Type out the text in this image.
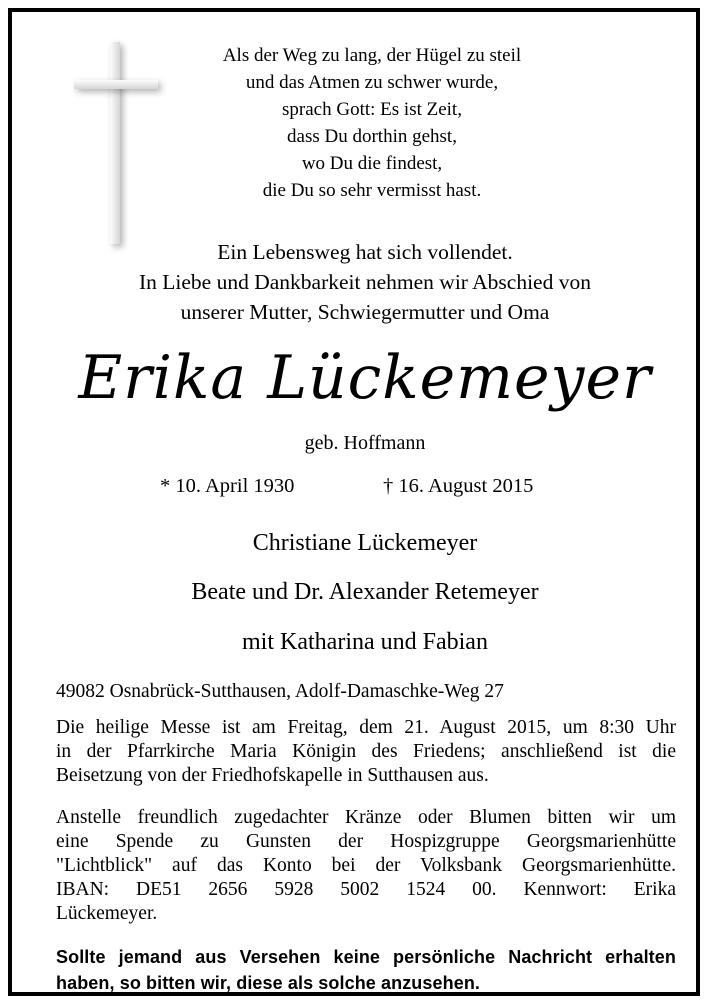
Als der Weg zu lang, der Hügel zu steil
und das Atmen zu schwer wurde,
sprach Gott: Es ist Zeit,
dass Du dorthin gehst,
wo Du die findest,
die Du so sehr vermisst hast.
Ein Lebensweg hat sich vollendet.
In Liebe und Dankbarkeit nehmen wir Abschied von
unserer Mutter, Schwiegermutter und Oma
Erika Lückemeyer
geb. Hoffmann
* 10. April 1930	† 16. August 2015
Christiane Lückemeyer
Beate und Dr. Alexander Retemeyer
mit Katharina und Fabian
49082 Osnabrück-Sutthausen, Adolf-Damaschke-Weg 27
Die heilige Messe ist am Freitag, dem 21. August 2015, um 8:30 Uhr
in der Pfarrkirche Maria Königin des Friedens; anschließend ist die
Beisetzung von der Friedhofskapelle in Sutthausen aus.
Anstelle freundlich zugedachter Kränze oder Blumen bitten wir um
eine Spende zu Gunsten der Hospizgruppe Georgsmarienhütte
"Lichtblick" auf das Konto bei der Volksbank Georgsmarienhütte.
IBAN: DE51 2656 5928 5002 1524 00. Kennwort: Erika
Lückemeyer.
Sollte jemand aus Versehen keine persönliche Nachricht erhalten
haben, so bitten wir, diese als solche anzusehen.
